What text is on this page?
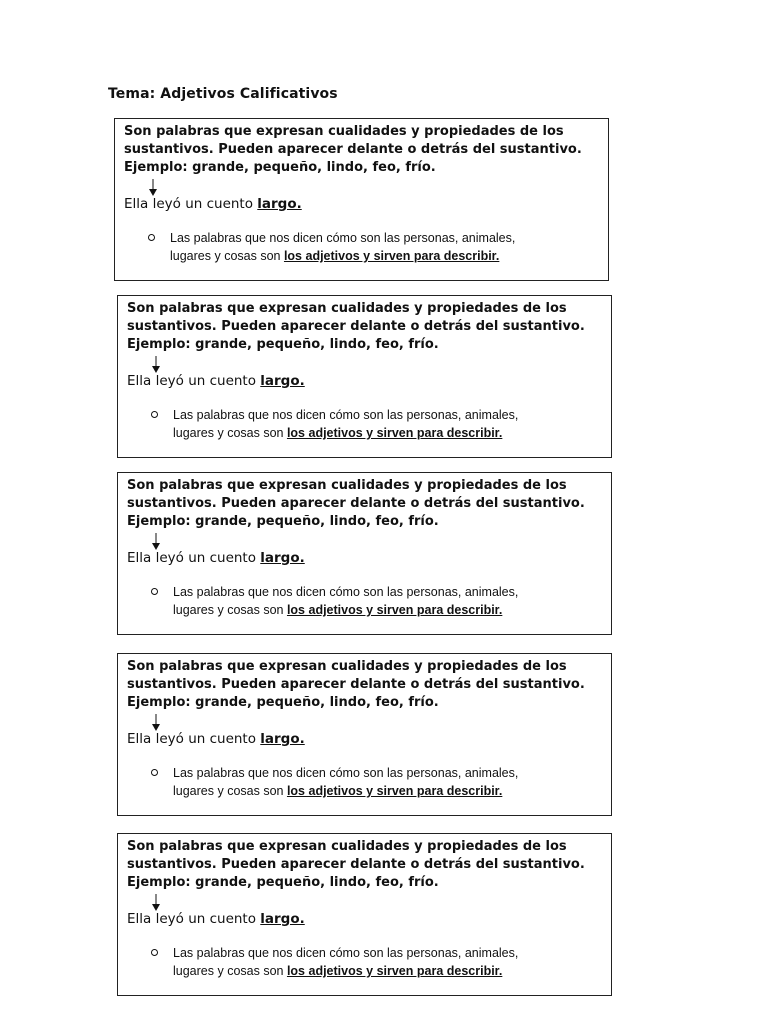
Tema: Adjetivos Calificativos

Son palabras que expresan cualidades y propiedades de los
sustantivos. Pueden aparecer delante o detrás del sustantivo.
Ejemplo: grande, pequeño, lindo, feo, frío.

Ella leyó un cuento largo.

Las palabras que nos dicen cómo son las personas, animales,
lugares y cosas son los adjetivos y sirven para describir.

Son palabras que expresan cualidades y propiedades de los
sustantivos. Pueden aparecer delante o detrás del sustantivo.
Ejemplo: grande, pequeño, lindo, feo, frío.

Ella leyó un cuento largo.

Las palabras que nos dicen cómo son las personas, animales,
lugares y cosas son los adjetivos y sirven para describir.

Son palabras que expresan cualidades y propiedades de los
sustantivos. Pueden aparecer delante o detrás del sustantivo.
Ejemplo: grande, pequeño, lindo, feo, frío.

Ella leyó un cuento largo.

Las palabras que nos dicen cómo son las personas, animales,
lugares y cosas son los adjetivos y sirven para describir.

Son palabras que expresan cualidades y propiedades de los
sustantivos. Pueden aparecer delante o detrás del sustantivo.
Ejemplo: grande, pequeño, lindo, feo, frío.

Ella leyó un cuento largo.

Las palabras que nos dicen cómo son las personas, animales,
lugares y cosas son los adjetivos y sirven para describir.

Son palabras que expresan cualidades y propiedades de los
sustantivos. Pueden aparecer delante o detrás del sustantivo.
Ejemplo: grande, pequeño, lindo, feo, frío.

Ella leyó un cuento largo.

Las palabras que nos dicen cómo son las personas, animales,
lugares y cosas son los adjetivos y sirven para describir.
